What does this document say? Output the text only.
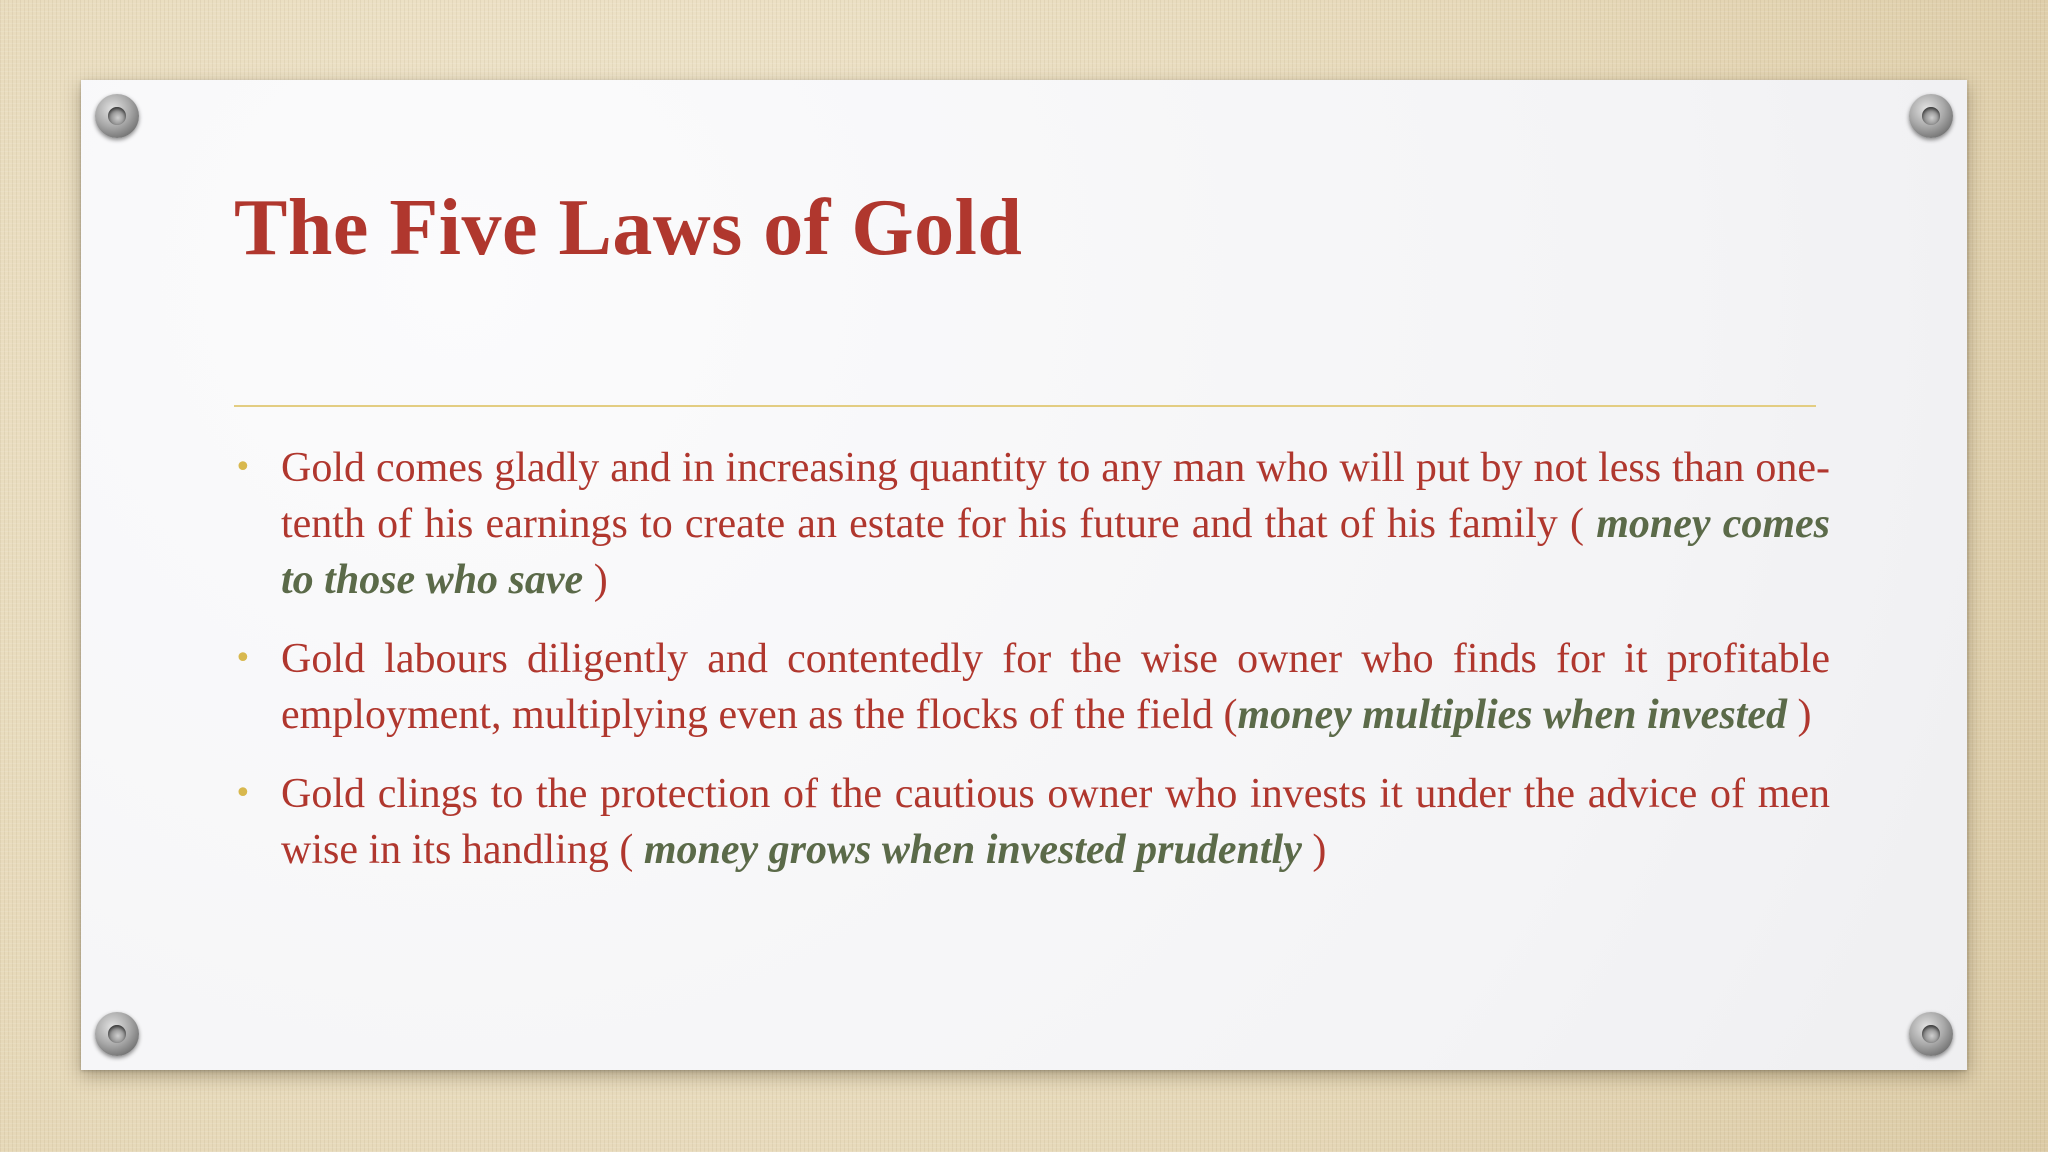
The Five Laws of Gold
• Gold comes gladly and in increasing quantity to any man who will put by not less than one-tenth of his earnings to create an estate for his future and that of his family ( money comes to those who save )
• Gold labours diligently and contentedly for the wise owner who finds for it profitable employment, multiplying even as the flocks of the field (money multiplies when invested )
• Gold clings to the protection of the cautious owner who invests it under the advice of men wise in its handling ( money grows when invested prudently )
